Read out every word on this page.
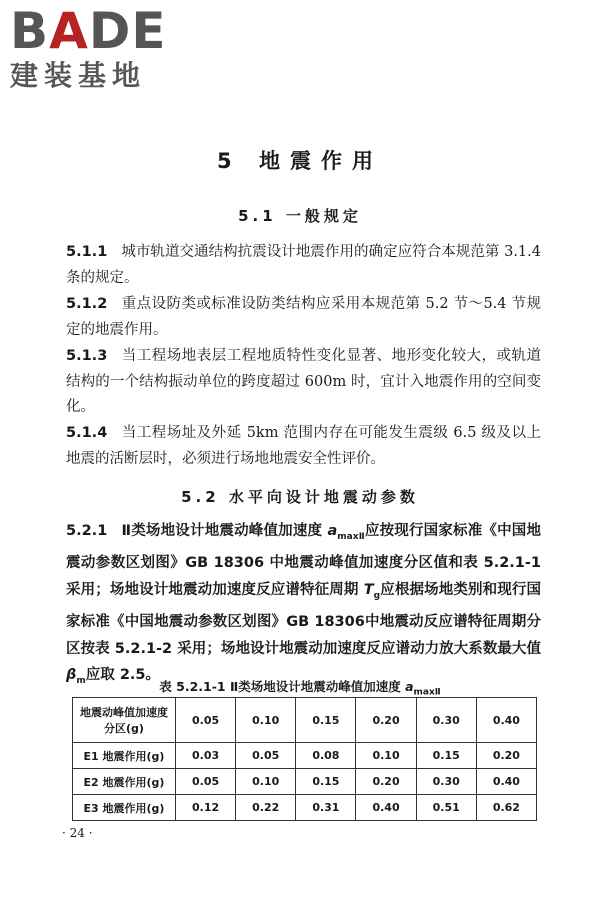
BADE
建装基地
5 地震作用
5.1 一般规定
5.1.1 城市轨道交通结构抗震设计地震作用的确定应符合本规范第 3.1.4 条的规定。
5.1.2 重点设防类或标准设防类结构应采用本规范第 5.2 节～5.4 节规定的地震作用。
5.1.3 当工程场地表层工程地质特性变化显著、地形变化较大，或轨道结构的一个结构振动单位的跨度超过 600m 时，宜计入地震作用的空间变化。
5.1.4 当工程场址及外延 5km 范围内存在可能发生震级 6.5 级及以上地震的活断层时，必须进行场地地震安全性评价。
5.2 水平向设计地震动参数
5.2.1 Ⅱ类场地设计地震动峰值加速度 $a_{maxⅡ}$应按现行国家标准《中国地震动参数区划图》GB 18306 中地震动峰值加速度分区值和表 5.2.1-1 采用；场地设计地震动加速度反应谱特征周期 $T_g$应根据场地类别和现行国家标准《中国地震动参数区划图》GB 18306中地震动反应谱特征周期分区按表 5.2.1-2 采用；场地设计地震动加速度反应谱动力放大系数最大值 $\beta_m$应取 2.5。
表 5.2.1-1 Ⅱ类场地设计地震动峰值加速度 $a_{maxⅡ}$
地震动峰值加速度分区(g)	0.05	0.10	0.15	0.20	0.30	0.40
E1 地震作用(g)	0.03	0.05	0.08	0.10	0.15	0.20
E2 地震作用(g)	0.05	0.10	0.15	0.20	0.30	0.40
E3 地震作用(g)	0.12	0.22	0.31	0.40	0.51	0.62
· 24 ·
